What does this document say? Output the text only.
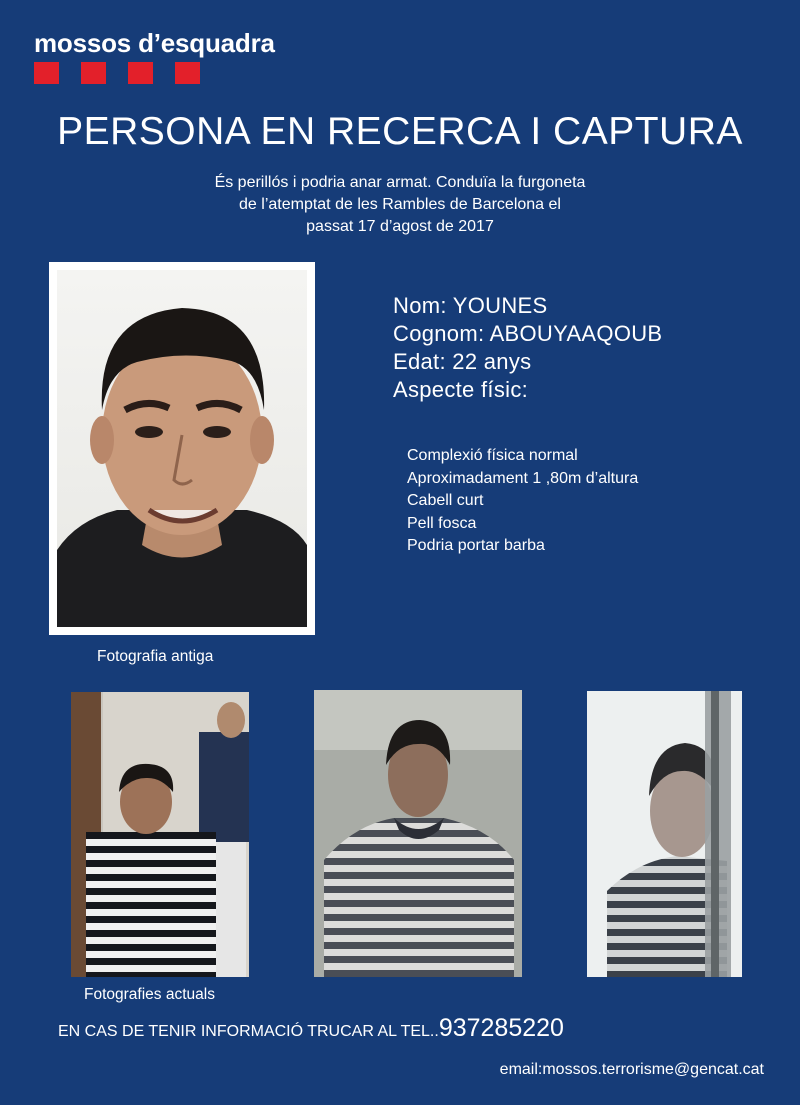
mossos d’esquadra
PERSONA EN RECERCA I CAPTURA
És perillós i podria anar armat. Conduïa la furgoneta
de l’atemptat de les Rambles de Barcelona el
passat 17 d’agost de 2017
Fotografia antiga
Nom: YOUNES
Cognom: ABOUYAAQOUB
Edat: 22 anys
Aspecte físic:
Complexió física normal
Aproximadament 1 ,80m d’altura
Cabell curt
Pell fosca
Podria portar barba
Fotografies actuals
EN CAS DE TENIR INFORMACIÓ TRUCAR AL TEL..937285220
email:mossos.terrorisme@gencat.cat
